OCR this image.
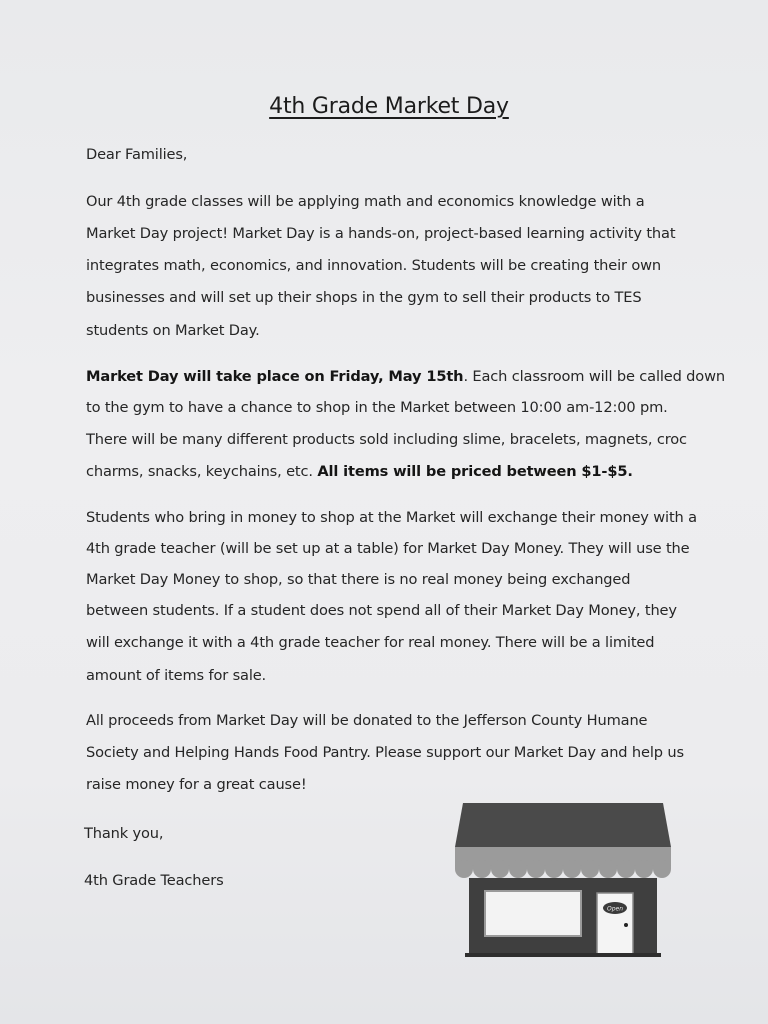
4th Grade Market Day
Dear Families,
Our 4th grade classes will be applying math and economics knowledge with a
Market Day project! Market Day is a hands-on, project-based learning activity that
integrates math, economics, and innovation. Students will be creating their own
businesses and will set up their shops in the gym to sell their products to TES
students on Market Day.
Market Day will take place on Friday, May 15th. Each classroom will be called down
to the gym to have a chance to shop in the Market between 10:00 am-12:00 pm.
There will be many different products sold including slime, bracelets, magnets, croc
charms, snacks, keychains, etc. All items will be priced between $1-$5.
Students who bring in money to shop at the Market will exchange their money with a
4th grade teacher (will be set up at a table) for Market Day Money. They will use the
Market Day Money to shop, so that there is no real money being exchanged
between students. If a student does not spend all of their Market Day Money, they
will exchange it with a 4th grade teacher for real money. There will be a limited
amount of items for sale.
All proceeds from Market Day will be donated to the Jefferson County Humane
Society and Helping Hands Food Pantry. Please support our Market Day and help us
raise money for a great cause!
Thank you,
4th Grade Teachers
Open
